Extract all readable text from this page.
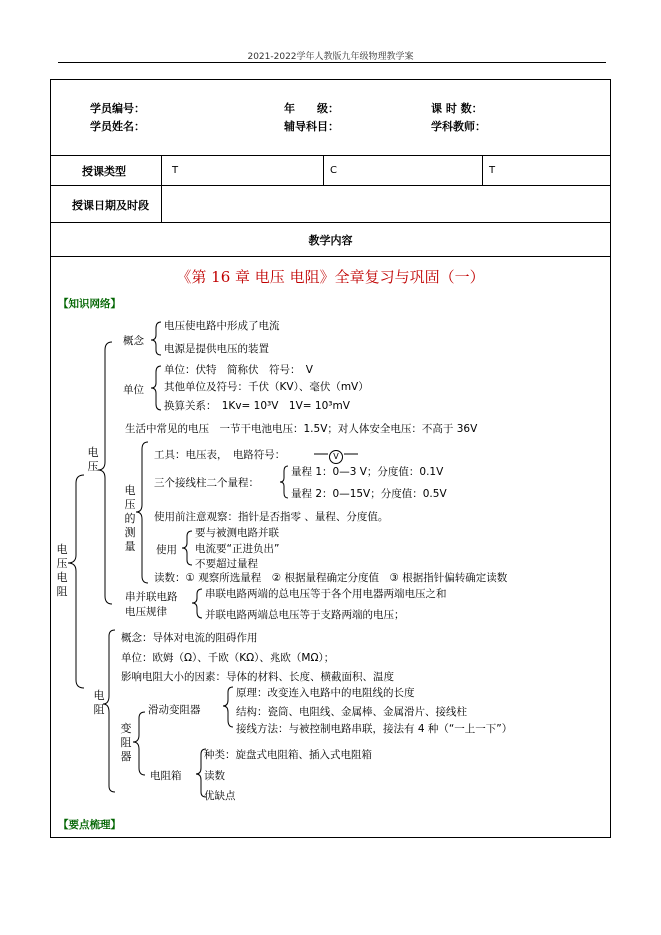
2021-2022学年人教版九年级物理教学案
学员编号：	年　　级：	课 时 数：
学员姓名：	辅导科目：	学科教师：
授课类型	T	C	T
授课日期及时段
教学内容
《第 16 章 电压 电阻》全章复习与巩固（一）
【知识网络】
电压 电阻
电压
概念
电压使电路中形成了电流
电源是提供电压的装置
单位
单位：伏特　简称伏　符号：　V
其他单位及符号：千伏（KV）、毫伏（mV）
换算关系：　1Kv= 10³V　1V= 10³mV
生活中常见的电压　一节干电池电压：1.5V；对人体安全电压：不高于 36V
电压的测量
工具：电压表，　电路符号：	V
三个接线柱二个量程：
量程 1：0—3 V；分度值：0.1V
量程 2：0—15V；分度值：0.5V
使用前注意观察：指针是否指零 、量程、分度值。
使用
要与被测电路并联
电流要“正进负出”
不要超过量程
读数：① 观察所选量程　② 根据量程确定分度值　③ 根据指针偏转确定读数
串并联电路
电压规律
串联电路两端的总电压等于各个用电器两端电压之和
并联电路两端总电压等于支路两端的电压；
电阻
概念：导体对电流的阻碍作用
单位：欧姆（Ω）、千欧（KΩ）、兆欧（MΩ）；
影响电阻大小的因素：导体的材料、长度、横截面积、温度
变阻器
滑动变阻器
原理：改变连入电路中的电阻线的长度
结构：瓷筒、电阻线、金属棒、金属滑片、接线柱
接线方法：与被控制电路串联，接法有 4 种（“一上一下”）
电阻箱
种类：旋盘式电阻箱、插入式电阻箱
读数
优缺点
【要点梳理】
